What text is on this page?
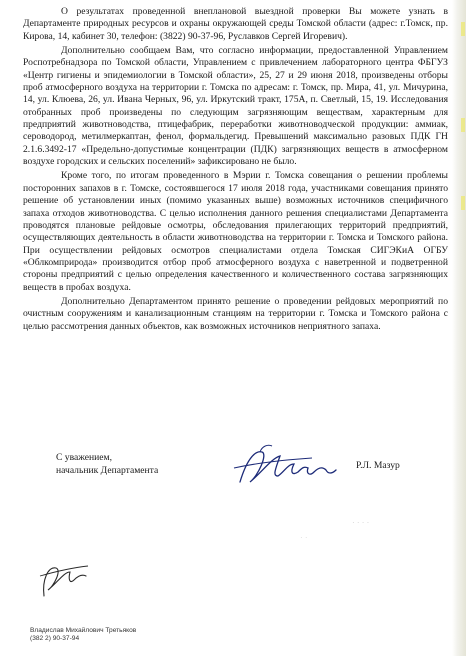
О результатах проведенной внеплановой выездной проверки Вы можете узнать в Департаменте природных ресурсов и охраны окружающей среды Томской области (адрес: г.Томск, пр. Кирова, 14, кабинет 30, телефон: (3822) 90-37-96, Руславков Сергей Игоревич).

Дополнительно сообщаем Вам, что согласно информации, предоставленной Управлением Роспотребнадзора по Томской области, Управлением с привлечением лабораторного центра ФБГУЗ «Центр гигиены и эпидемиологии в Томской области», 25, 27 и 29 июня 2018, произведены отборы проб атмосферного воздуха на территории г. Томска по адресам: г. Томск, пр. Мира, 41, ул. Мичурина, 14, ул. Клюева, 26, ул. Ивана Черных, 96, ул. Иркутский тракт, 175А, п. Светлый, 15, 19. Исследования отобранных проб произведены по следующим загрязняющим веществам, характерным для предприятий животноводства, птицефабрик, переработки животноводческой продукции: аммиак, сероводород, метилмеркаптан, фенол, формальдегид. Превышений максимально разовых ПДК ГН 2.1.6.3492-17 «Предельно-допустимые концентрации (ПДК) загрязняющих веществ в атмосферном воздухе городских и сельских поселений» зафиксировано не было.

Кроме того, по итогам проведенного в Мэрии г. Томска совещания о решении проблемы посторонних запахов в г. Томске, состоявшегося 17 июля 2018 года, участниками совещания принято решение об установлении иных (помимо указанных выше) возможных источников специфичного запаха отходов животноводства. С целью исполнения данного решения специалистами Департамента проводятся плановые рейдовые осмотры, обследования прилегающих территорий предприятий, осуществляющих деятельность в области животноводства на территории г. Томска и Томского района. При осуществлении рейдовых осмотров специалистами отдела Томская СИГЭКиА ОГБУ «Облкомприрода» производится отбор проб атмосферного воздуха с наветренной и подветренной стороны предприятий с целью определения качественного и количественного состава загрязняющих веществ в пробах воздуха.

Дополнительно Департаментом принято решение о проведении рейдовых мероприятий по очистным сооружениям и канализационным станциям на территории г. Томска и Томского района с целью рассмотрения данных объектов, как возможных источников неприятного запаха.

С уважением,
начальник Департамента	Р.Л. Мазур
· · · ·
· ·
Владислав Михайлович Третьяков
(382 2) 90-37-94
